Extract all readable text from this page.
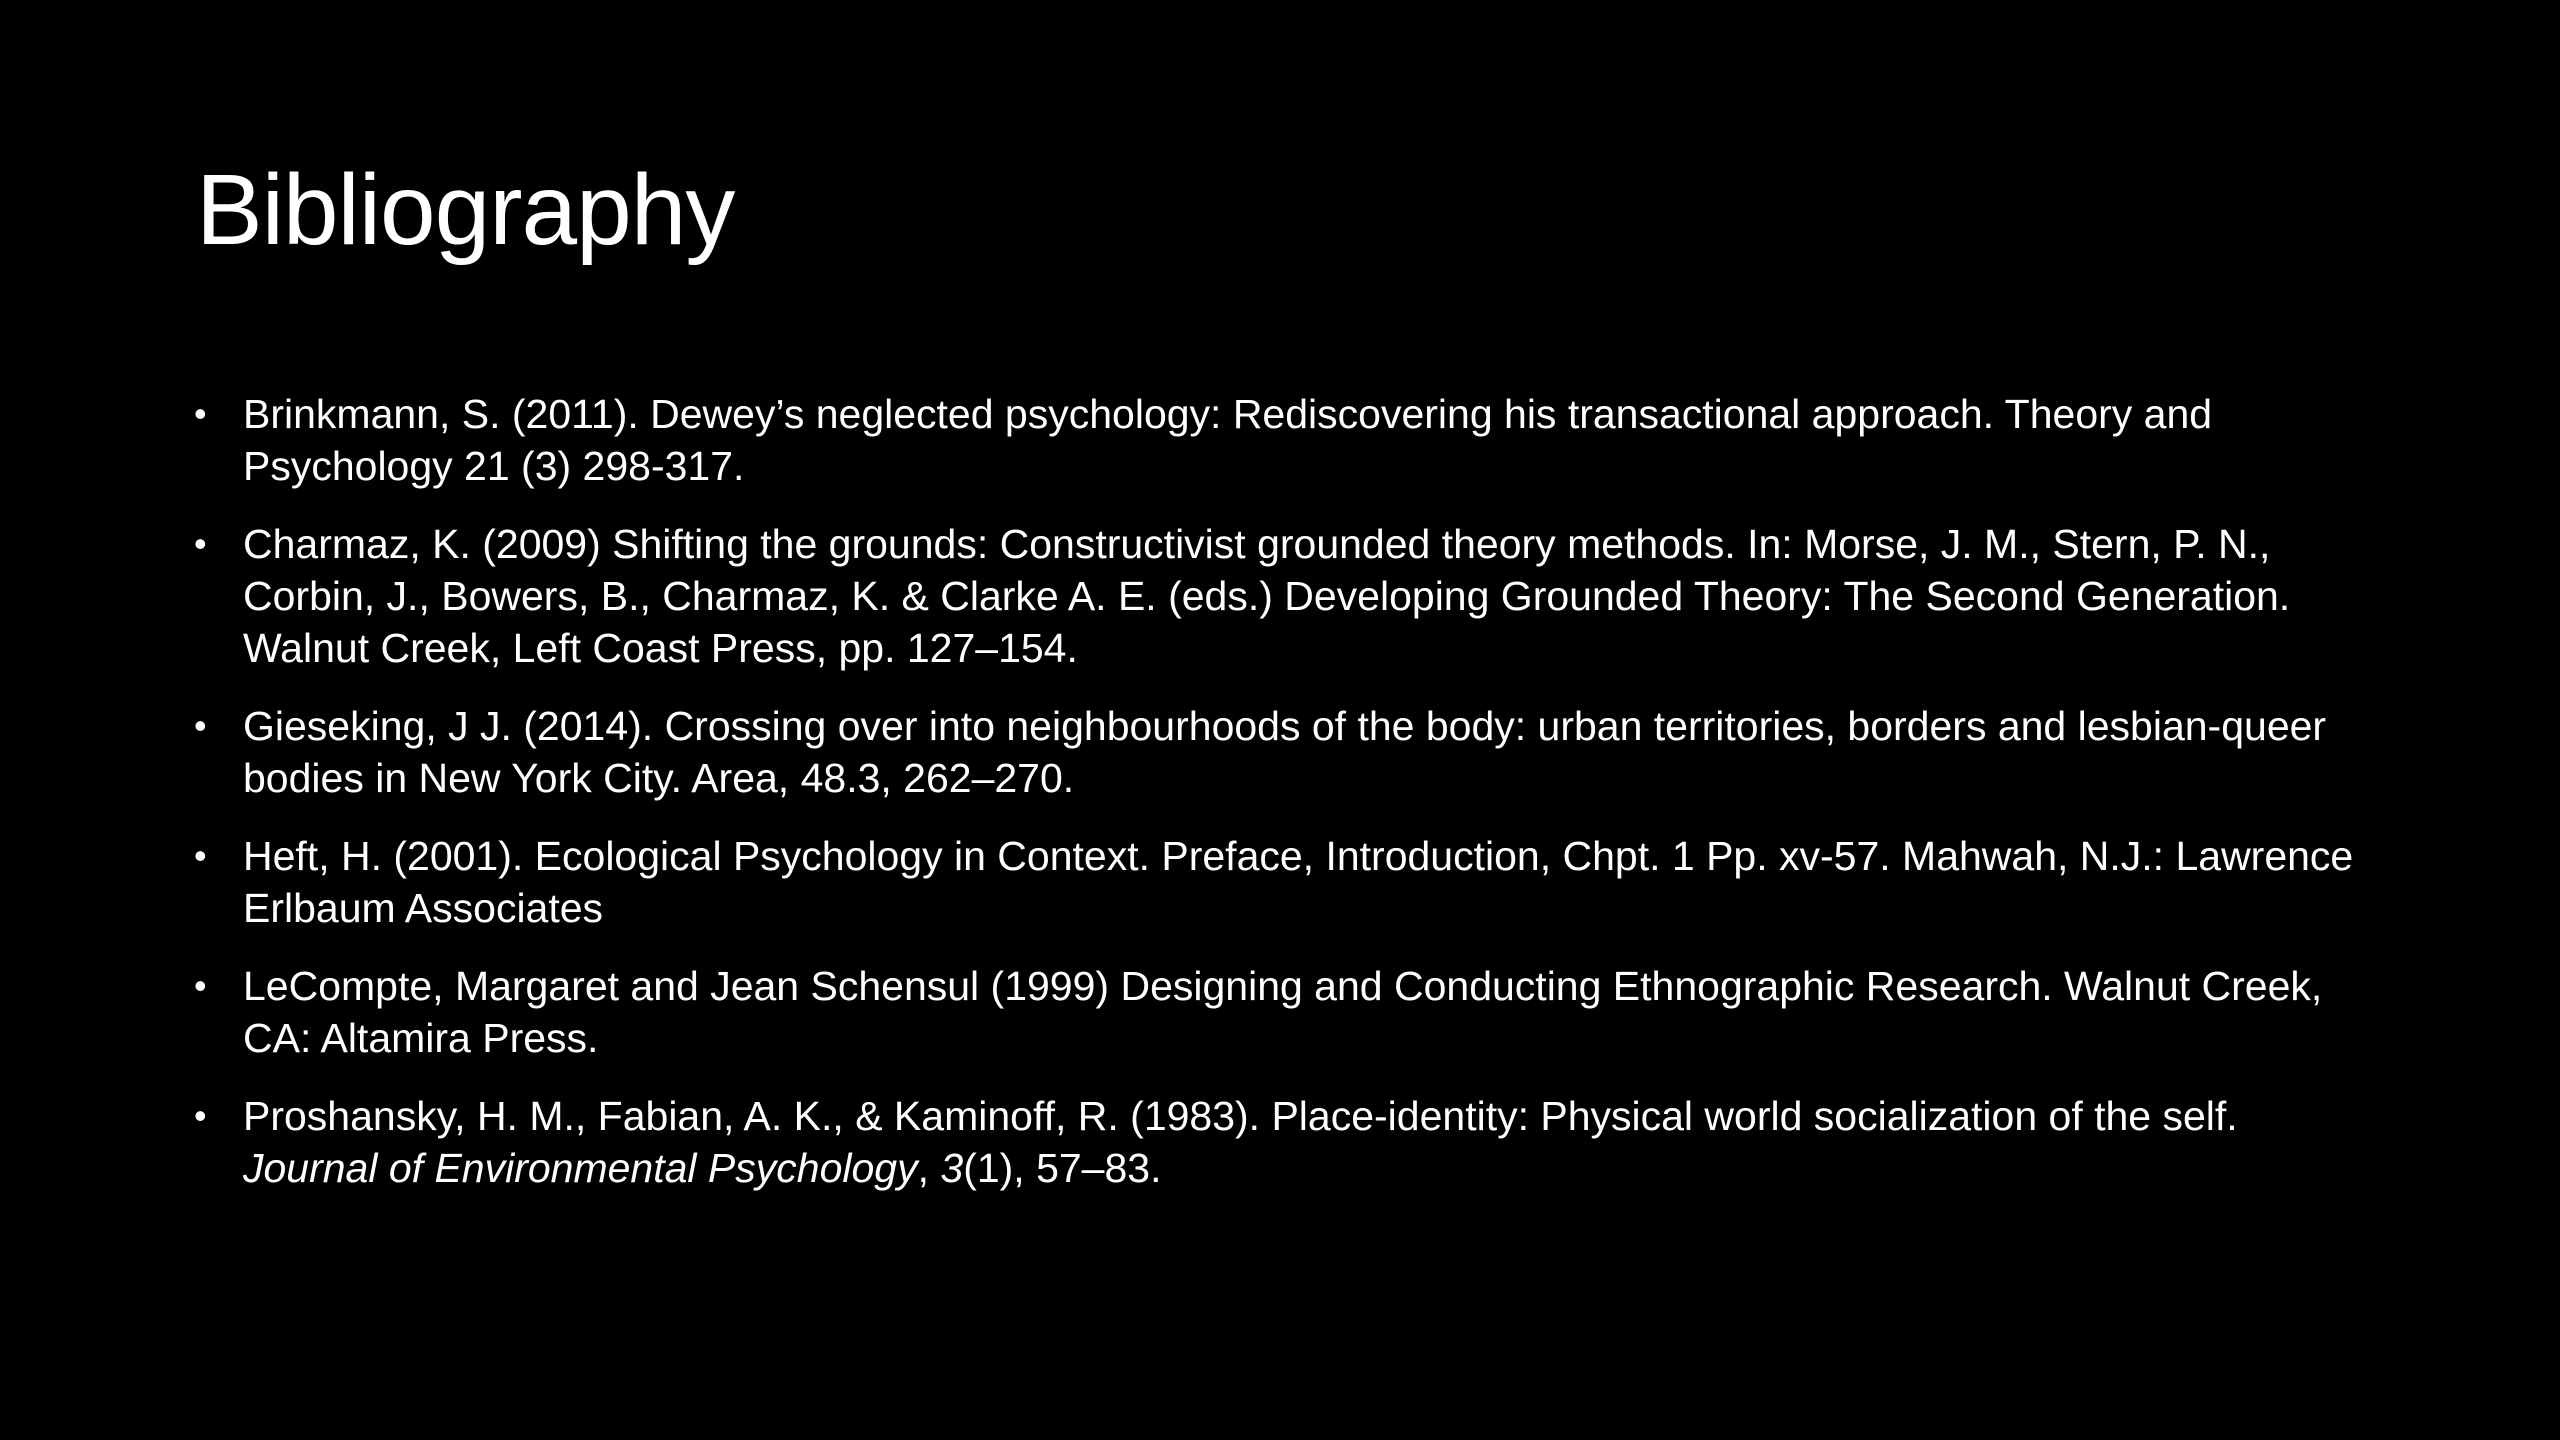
Bibliography
• Brinkmann, S. (2011). Dewey’s neglected psychology: Rediscovering his transactional approach. Theory and Psychology 21 (3) 298-317.
• Charmaz, K. (2009) Shifting the grounds: Constructivist grounded theory methods. In: Morse, J. M., Stern, P. N., Corbin, J., Bowers, B., Charmaz, K. & Clarke A. E. (eds.) Developing Grounded Theory: The Second Generation. Walnut Creek, Left Coast Press, pp. 127–154.
• Gieseking, J J. (2014). Crossing over into neighbourhoods of the body: urban territories, borders and lesbian-queer bodies in New York City. Area, 48.3, 262–270.
• Heft, H. (2001). Ecological Psychology in Context. Preface, Introduction, Chpt. 1 Pp. xv-57. Mahwah, N.J.: Lawrence Erlbaum Associates
• LeCompte, Margaret and Jean Schensul (1999) Designing and Conducting Ethnographic Research. Walnut Creek, CA: Altamira Press.
• Proshansky, H. M., Fabian, A. K., & Kaminoff, R. (1983). Place-identity: Physical world socialization of the self. Journal of Environmental Psychology, 3(1), 57–83.
